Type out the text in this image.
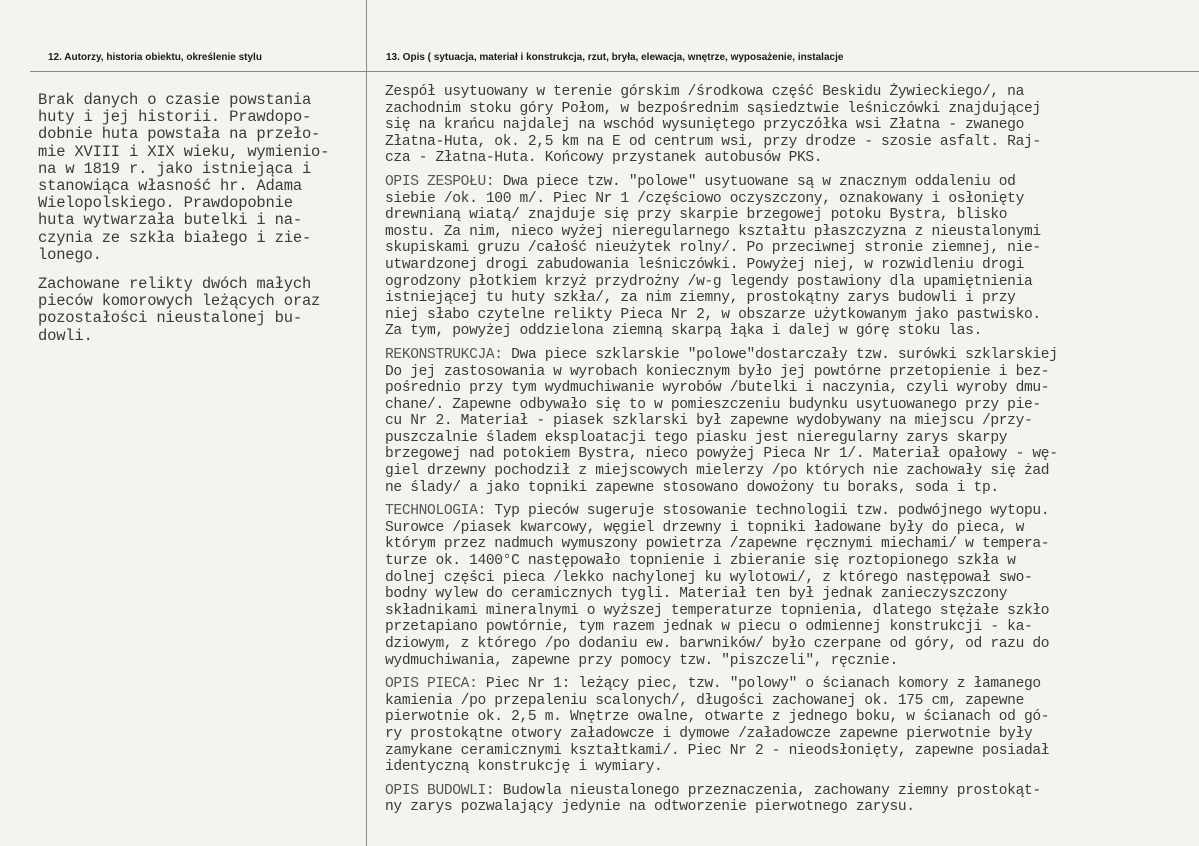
12. Autorzy, historia obiektu, określenie stylu	13. Opis ( sytuacja, materiał i konstrukcja, rzut, bryła, elewacja, wnętrze, wyposażenie, instalacje

Brak danych o czasie powstania
huty i jej historii. Prawdopo-
dobnie huta powstała na przeło-
mie XVIII i XIX wieku, wymienio-
na w 1819 r. jako istniejąca i
stanowiąca własność hr. Adama
Wielopolskiego. Prawdopobnie
huta wytwarzała butelki i na-
czynia ze szkła białego i zie-
lonego.

Zachowane relikty dwóch małych
pieców komorowych leżących oraz
pozostałości nieustalonej bu-
dowli.

Zespół usytuowany w terenie górskim /środkowa część Beskidu Żywieckiego/, na
zachodnim stoku góry Połom, w bezpośrednim sąsiedztwie leśniczówki znajdującej
się na krańcu najdalej na wschód wysuniętego przyczółka wsi Złatna - zwanego
Złatna-Huta, ok. 2,5 km na E od centrum wsi, przy drodze - szosie asfalt. Raj-
cza - Złatna-Huta. Końcowy przystanek autobusów PKS.

OPIS ZESPOŁU: Dwa piece tzw. "polowe" usytuowane są w znacznym oddaleniu od
siebie /ok. 100 m/. Piec Nr 1 /częściowo oczyszczony, oznakowany i osłonięty
drewnianą wiatą/ znajduje się przy skarpie brzegowej potoku Bystra, blisko
mostu. Za nim, nieco wyżej nieregularnego kształtu płaszczyzna z nieustalonymi
skupiskami gruzu /całość nieużytek rolny/. Po przeciwnej stronie ziemnej, nie-
utwardzonej drogi zabudowania leśniczówki. Powyżej niej, w rozwidleniu drogi
ogrodzony płotkiem krzyż przydrożny /w-g legendy postawiony dla upamiętnienia
istniejącej tu huty szkła/, za nim ziemny, prostokątny zarys budowli i przy
niej słabo czytelne relikty Pieca Nr 2, w obszarze użytkowanym jako pastwisko.
Za tym, powyżej oddzielona ziemną skarpą łąka i dalej w górę stoku las.

REKONSTRUKCJA: Dwa piece szklarskie "polowe"dostarczały tzw. surówki szklarskiej
Do jej zastosowania w wyrobach koniecznym było jej powtórne przetopienie i bez-
pośrednio przy tym wydmuchiwanie wyrobów /butelki i naczynia, czyli wyroby dmu-
chane/. Zapewne odbywało się to w pomieszczeniu budynku usytuowanego przy pie-
cu Nr 2. Materiał - piasek szklarski był zapewne wydobywany na miejscu /przy-
puszczalnie śladem eksploatacji tego piasku jest nieregularny zarys skarpy
brzegowej nad potokiem Bystra, nieco powyżej Pieca Nr 1/. Materiał opałowy - wę-
giel drzewny pochodził z miejscowych mielerzy /po których nie zachowały się żad
ne ślady/ a jako topniki zapewne stosowano dowożony tu boraks, soda i tp.

TECHNOLOGIA: Typ pieców sugeruje stosowanie technologii tzw. podwójnego wytopu.
Surowce /piasek kwarcowy, węgiel drzewny i topniki ładowane były do pieca, w
którym przez nadmuch wymuszony powietrza /zapewne ręcznymi miechami/ w tempera-
turze ok. 1400°C następowało topnienie i zbieranie się roztopionego szkła w
dolnej części pieca /lekko nachylonej ku wylotowi/, z którego następował swo-
bodny wylew do ceramicznych tygli. Materiał ten był jednak zanieczyszczony
składnikami mineralnymi o wyższej temperaturze topnienia, dlatego stężałe szkło
przetapiano powtórnie, tym razem jednak w piecu o odmiennej konstrukcji - ka-
dziowym, z którego /po dodaniu ew. barwników/ było czerpane od góry, od razu do
wydmuchiwania, zapewne przy pomocy tzw. "piszczeli", ręcznie.

OPIS PIECA: Piec Nr 1: leżący piec, tzw. "polowy" o ścianach komory z łamanego
kamienia /po przepaleniu scalonych/, długości zachowanej ok. 175 cm, zapewne
pierwotnie ok. 2,5 m. Wnętrze owalne, otwarte z jednego boku, w ścianach od gó-
ry prostokątne otwory załadowcze i dymowe /załadowcze zapewne pierwotnie były
zamykane ceramicznymi kształtkami/. Piec Nr 2 - nieodsłonięty, zapewne posiadał
identyczną konstrukcję i wymiary.

OPIS BUDOWLI: Budowla nieustalonego przeznaczenia, zachowany ziemny prostokąt-
ny zarys pozwalający jedynie na odtworzenie pierwotnego zarysu.
